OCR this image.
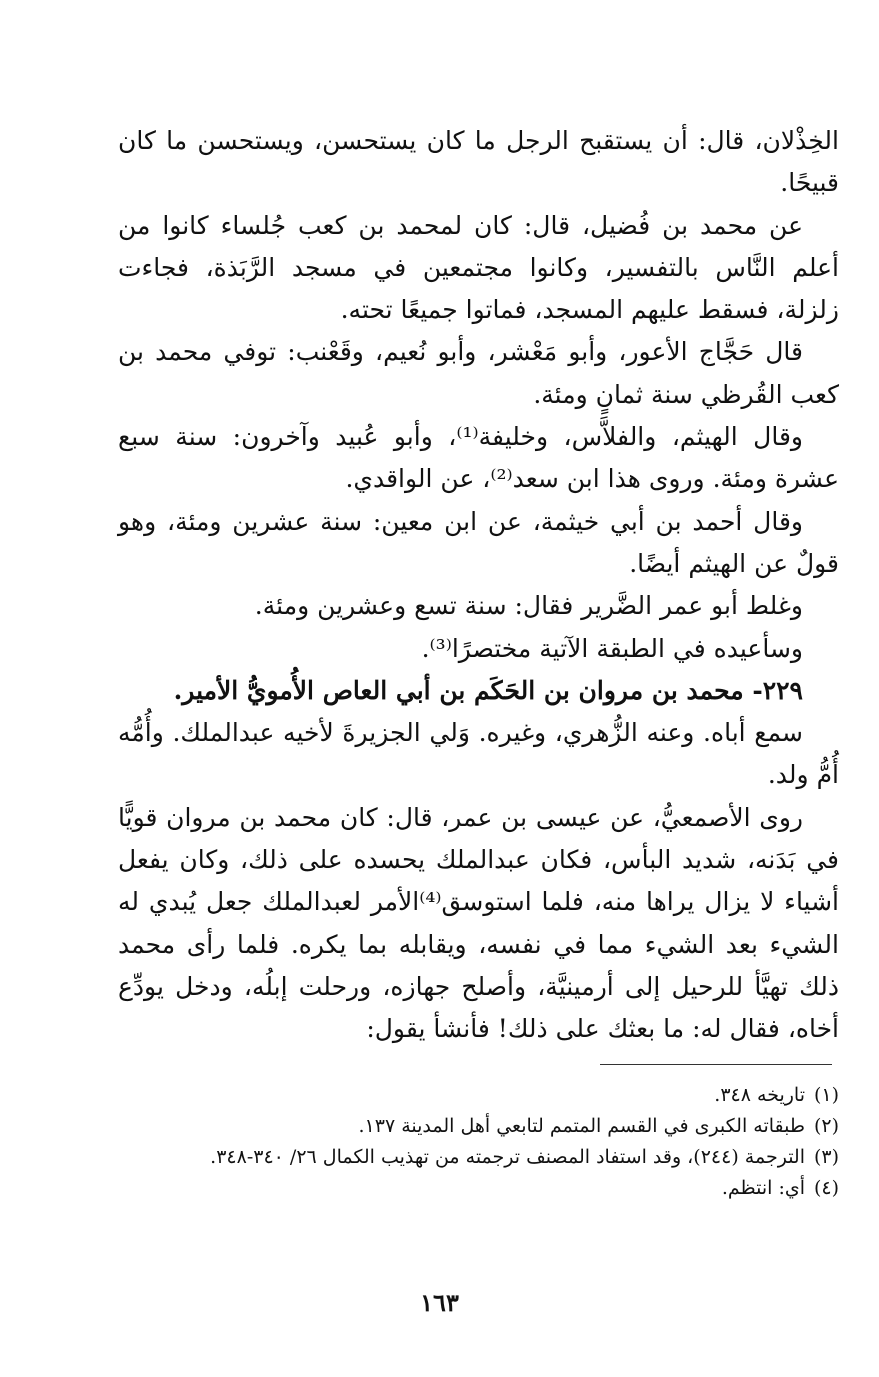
الخِذْلان، قال: أن يستقبح الرجل ما كان يستحسن، ويستحسن ما كان قبيحًا.

عن محمد بن فُضيل، قال: كان لمحمد بن كعب جُلساء كانوا من أعلم النَّاس بالتفسير، وكانوا مجتمعين في مسجد الرَّبَذة، فجاءت زلزلة، فسقط عليهم المسجد، فماتوا جميعًا تحته.

قال حَجَّاج الأعور، وأبو مَعْشر، وأبو نُعيم، وقَعْنب: توفي محمد بن كعب القُرظي سنة ثمانٍ ومئة.

وقال الهيثم، والفلاَّس، وخليفة⁽¹⁾، وأبو عُبيد وآخرون: سنة سبع عشرة ومئة. وروى هذا ابن سعد⁽²⁾، عن الواقدي.

وقال أحمد بن أبي خيثمة، عن ابن معين: سنة عشرين ومئة، وهو قولٌ عن الهيثم أيضًا.

وغلط أبو عمر الضَّرير فقال: سنة تسع وعشرين ومئة.

وسأعيده في الطبقة الآتية مختصرًا⁽³⁾.

٢٢٩- محمد بن مروان بن الحَكَم بن أبي العاص الأُمويُّ الأمير.

سمع أباه. وعنه الزُّهري، وغيره. وَلي الجزيرةَ لأخيه عبدالملك. وأُمُّه أُمُّ ولد.

روى الأصمعيُّ، عن عيسى بن عمر، قال: كان محمد بن مروان قويًّا في بَدَنه، شديد البأس، فكان عبدالملك يحسده على ذلك، وكان يفعل أشياء لا يزال يراها منه، فلما استوسق⁽⁴⁾الأمر لعبدالملك جعل يُبدي له الشيء بعد الشيء مما في نفسه، ويقابله بما يكره. فلما رأى محمد ذلك تهيَّأ للرحيل إلى أرمينيَّة، وأصلح جهازه، ورحلت إبلُه، ودخل يودِّع أخاه، فقال له: ما بعثك على ذلك! فأنشأ يقول:

(١)تاريخه ٣٤٨.

(٢)طبقاته الكبرى في القسم المتمم لتابعي أهل المدينة ١٣٧.

(٣)الترجمة (٢٤٤)، وقد استفاد المصنف ترجمته من تهذيب الكمال ٢٦/ ٣٤٠-٣٤٨.

(٤)أي: انتظم.

١٦٣
